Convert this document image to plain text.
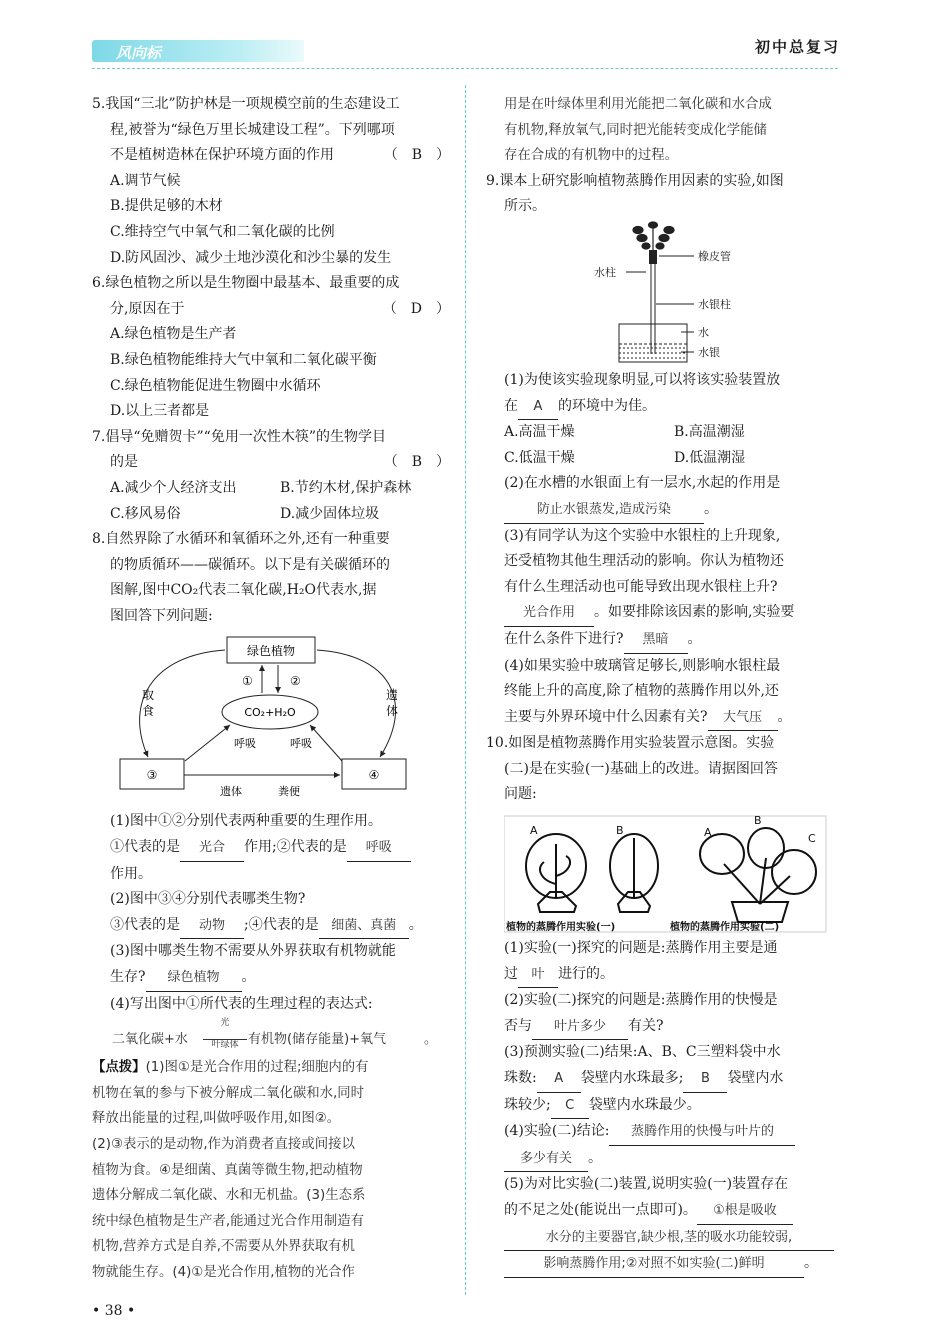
风向标	初中总复习

5.我国“三北”防护林是一项规模空前的生态建设工

程,被誉为“绿色万里长城建设工程”。下列哪项

不是植树造林在保护环境方面的作用	（　B　）

A.调节气候

B.提供足够的木材

C.维持空气中氧气和二氧化碳的比例

D.防风固沙、减少土地沙漠化和沙尘暴的发生

6.绿色植物之所以是生物圈中最基本、最重要的成

分,原因在于	（　D　）

A.绿色植物是生产者

B.绿色植物能维持大气中氧和二氧化碳平衡

C.绿色植物能促进生物圈中水循环

D.以上三者都是

7.倡导“免赠贺卡”“免用一次性木筷”的生物学目

的是	（　B　）

A.减少个人经济支出	B.节约木材,保护森林
C.移风易俗	D.减少固体垃圾

8.自然界除了水循环和氧循环之外,还有一种重要

的物质循环——碳循环。以下是有关碳循环的

图解,图中CO₂代表二氧化碳,H₂O代表水,据

图回答下列问题:

绿色植物
CO₂+H₂O
①	②
③	④
取
食
遗
体
呼吸	呼吸
遗体	粪便

(1)图中①②分别代表两种重要的生理作用。

①代表的是 光合 作用;②代表的是 呼吸

作用。

(2)图中③④分别代表哪类生物?

③代表的是 动物 ;④代表的是 细菌、真菌 。

(3)图中哪类生物不需要从外界获取有机物就能

生存? 绿色植物 。

(4)写出图中①所代表的生理过程的表达式:

二氧化碳+水
光
叶绿体 有机物(储存能量)+氧气	。

【点拨】(1)图①是光合作用的过程;细胞内的有

机物在氧的参与下被分解成二氧化碳和水,同时

释放出能量的过程,叫做呼吸作用,如图②。

(2)③表示的是动物,作为消费者直接或间接以

植物为食。④是细菌、真菌等微生物,把动植物

遗体分解成二氧化碳、水和无机盐。(3)生态系

统中绿色植物是生产者,能通过光合作用制造有

机物,营养方式是自养,不需要从外界获取有机

物就能生存。(4)①是光合作用,植物的光合作

用是在叶绿体里利用光能把二氧化碳和水合成

有机物,释放氧气,同时把光能转变成化学能储

存在合成的有机物中的过程。

9.课本上研究影响植物蒸腾作用因素的实验,如图

所示。

橡皮管
水柱
水银柱
水
水银

(1)为使该实验现象明显,可以将该实验装置放

在 A 的环境中为佳。

A.高温干燥	B.高温潮湿
C.低温干燥	D.低温潮湿

(2)在水槽的水银面上有一层水,水起的作用是

防止水银蒸发,造成污染 。

(3)有同学认为这个实验中水银柱的上升现象,

还受植物其他生理活动的影响。你认为植物还

有什么生理活动也可能导致出现水银柱上升?

光合作用 。如要排除该因素的影响,实验要

在什么条件下进行? 黑暗 。

(4)如果实验中玻璃管足够长,则影响水银柱最

终能上升的高度,除了植物的蒸腾作用以外,还

主要与外界环境中什么因素有关? 大气压 。

10.如图是植物蒸腾作用实验装置示意图。实验

(二)是在实验(一)基础上的改进。请据图回答

问题:

A	B	A
B
C
植物的蒸腾作用实验(一)	植物的蒸腾作用实验(二)

(1)实验(一)探究的问题是:蒸腾作用主要是通

过 叶 进行的。

(2)实验(二)探究的问题是:蒸腾作用的快慢是

否与 叶片多少 有关?

(3)预测实验(二)结果:A、B、C三塑料袋中水

珠数: A 袋壁内水珠最多; B 袋壁内水

珠较少; C 袋壁内水珠最少。

(4)实验(二)结论: 蒸腾作用的快慢与叶片的

多少有关 。

(5)为对比实验(二)装置,说明实验(一)装置存在

的不足之处(能说出一点即可)。 ①根是吸收

水分的主要器官,缺少根,茎的吸水功能较弱,

影响蒸腾作用;②对照不如实验(二)鲜明	。

• 38 •
